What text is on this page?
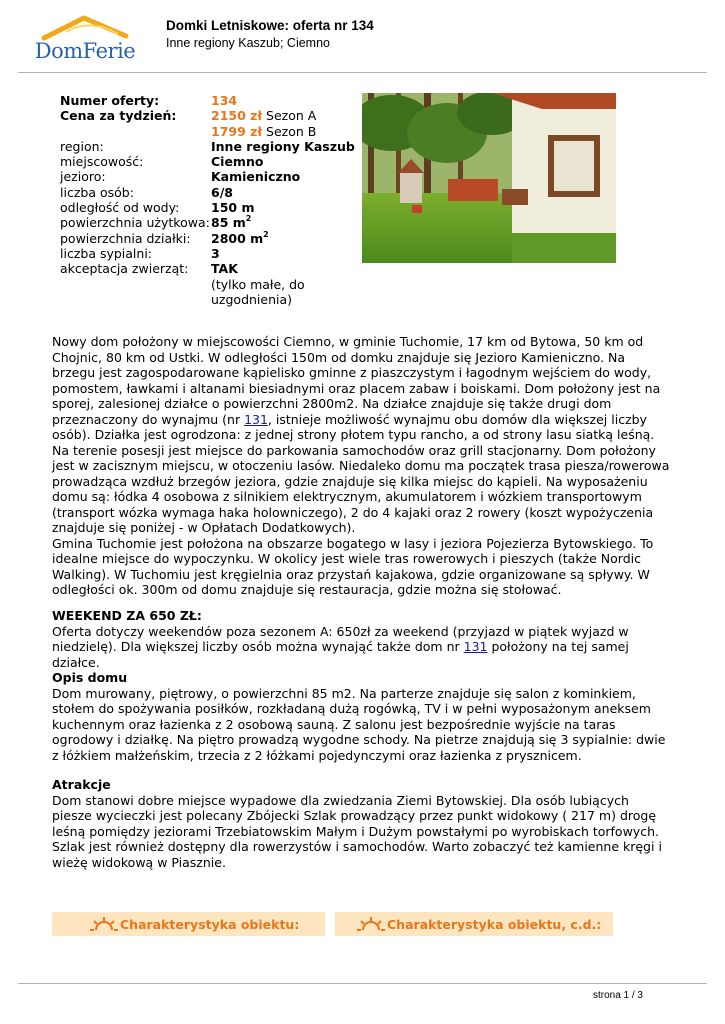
DomFerie
Domki Letniskowe: oferta nr 134
Inne regiony Kaszub; Ciemno
Numer oferty:	134
Cena za tydzień:	2150 zł Sezon A
1799 zł Sezon B
region:	Inne regiony Kaszub
miejscowość:	Ciemno
jezioro:	Kamieniczno
liczba osób:	6/8
odległość od wody:	150 m
powierzchnia użytkowa: 85 $m^2$
powierzchnia działki:	2800 $m^2$
liczba sypialni:	3
akceptacja zwierząt:	TAK
(tylko małe, do uzgodnienia)

Nowy dom położony w miejscowości Ciemno, w gminie Tuchomie, 17 km od Bytowa, 50 km od Chojnic, 80 km od Ustki. W odległości 150m od domku znajduje się Jezioro Kamieniczno. Na brzegu jest zagospodarowane kąpielisko gminne z piaszczystym i łagodnym wejściem do wody, pomostem, ławkami i altanami biesiadnymi oraz placem zabaw i boiskami. Dom położony jest na sporej, zalesionej działce o powierzchni 2800m2. Na działce znajduje się także drugi dom przeznaczony do wynajmu (nr 131, istnieje możliwość wynajmu obu domów dla większej liczby osób). Działka jest ogrodzona: z jednej strony płotem typu rancho, a od strony lasu siatką leśną. Na terenie posesji jest miejsce do parkowania samochodów oraz grill stacjonarny. Dom położony jest w zacisznym miejscu, w otoczeniu lasów. Niedaleko domu ma początek trasa piesza/rowerowa prowadząca wzdłuż brzegów jeziora, gdzie znajduje się kilka miejsc do kąpieli. Na wyposażeniu domu są: łódka 4 osobowa z silnikiem elektrycznym, akumulatorem i wózkiem transportowym (transport wózka wymaga haka holowniczego), 2 do 4 kajaki oraz 2 rowery (koszt wypożyczenia znajduje się poniżej - w Opłatach Dodatkowych).

Gmina Tuchomie jest położona na obszarze bogatego w lasy i jeziora Pojezierza Bytowskiego. To idealne miejsce do wypoczynku. W okolicy jest wiele tras rowerowych i pieszych (także Nordic Walking). W Tuchomiu jest kręgielnia oraz przystań kajakowa, gdzie organizowane są spływy. W odległości ok. 300m od domu znajduje się restauracja, gdzie można się stołować.

WEEKEND ZA 650 ZŁ:

Oferta dotyczy weekendów poza sezonem A: 650zł za weekend (przyjazd w piątek wyjazd w niedzielę). Dla większej liczby osób można wynająć także dom nr 131 położony na tej samej działce.

Opis domu

Dom murowany, piętrowy, o powierzchni 85 m2. Na parterze znajduje się salon z kominkiem, stołem do spożywania posiłków, rozkładaną dużą rogówką, TV i w pełni wyposażonym aneksem kuchennym oraz łazienka z 2 osobową sauną. Z salonu jest bezpośrednie wyjście na taras ogrodowy i działkę. Na piętro prowadzą wygodne schody. Na pietrze znajdują się 3 sypialnie: dwie z łóżkiem małżeńskim, trzecia z 2 łóżkami pojedynczymi oraz łazienka z prysznicem.

Atrakcje

Dom stanowi dobre miejsce wypadowe dla zwiedzania Ziemi Bytowskiej. Dla osób lubiących piesze wycieczki jest polecany Zbójecki Szlak prowadzący przez punkt widokowy ( 217 m) drogę leśną pomiędzy jeziorami Trzebiatowskim Małym i Dużym powstałymi po wyrobiskach torfowych. Szlak jest również dostępny dla rowerzystów i samochodów. Warto zobaczyć też kamienne kręgi i wieżę widokową w Piasznie.

Charakterystyka obiektu:	Charakterystyka obiektu, c.d.:
strona 1 / 3
